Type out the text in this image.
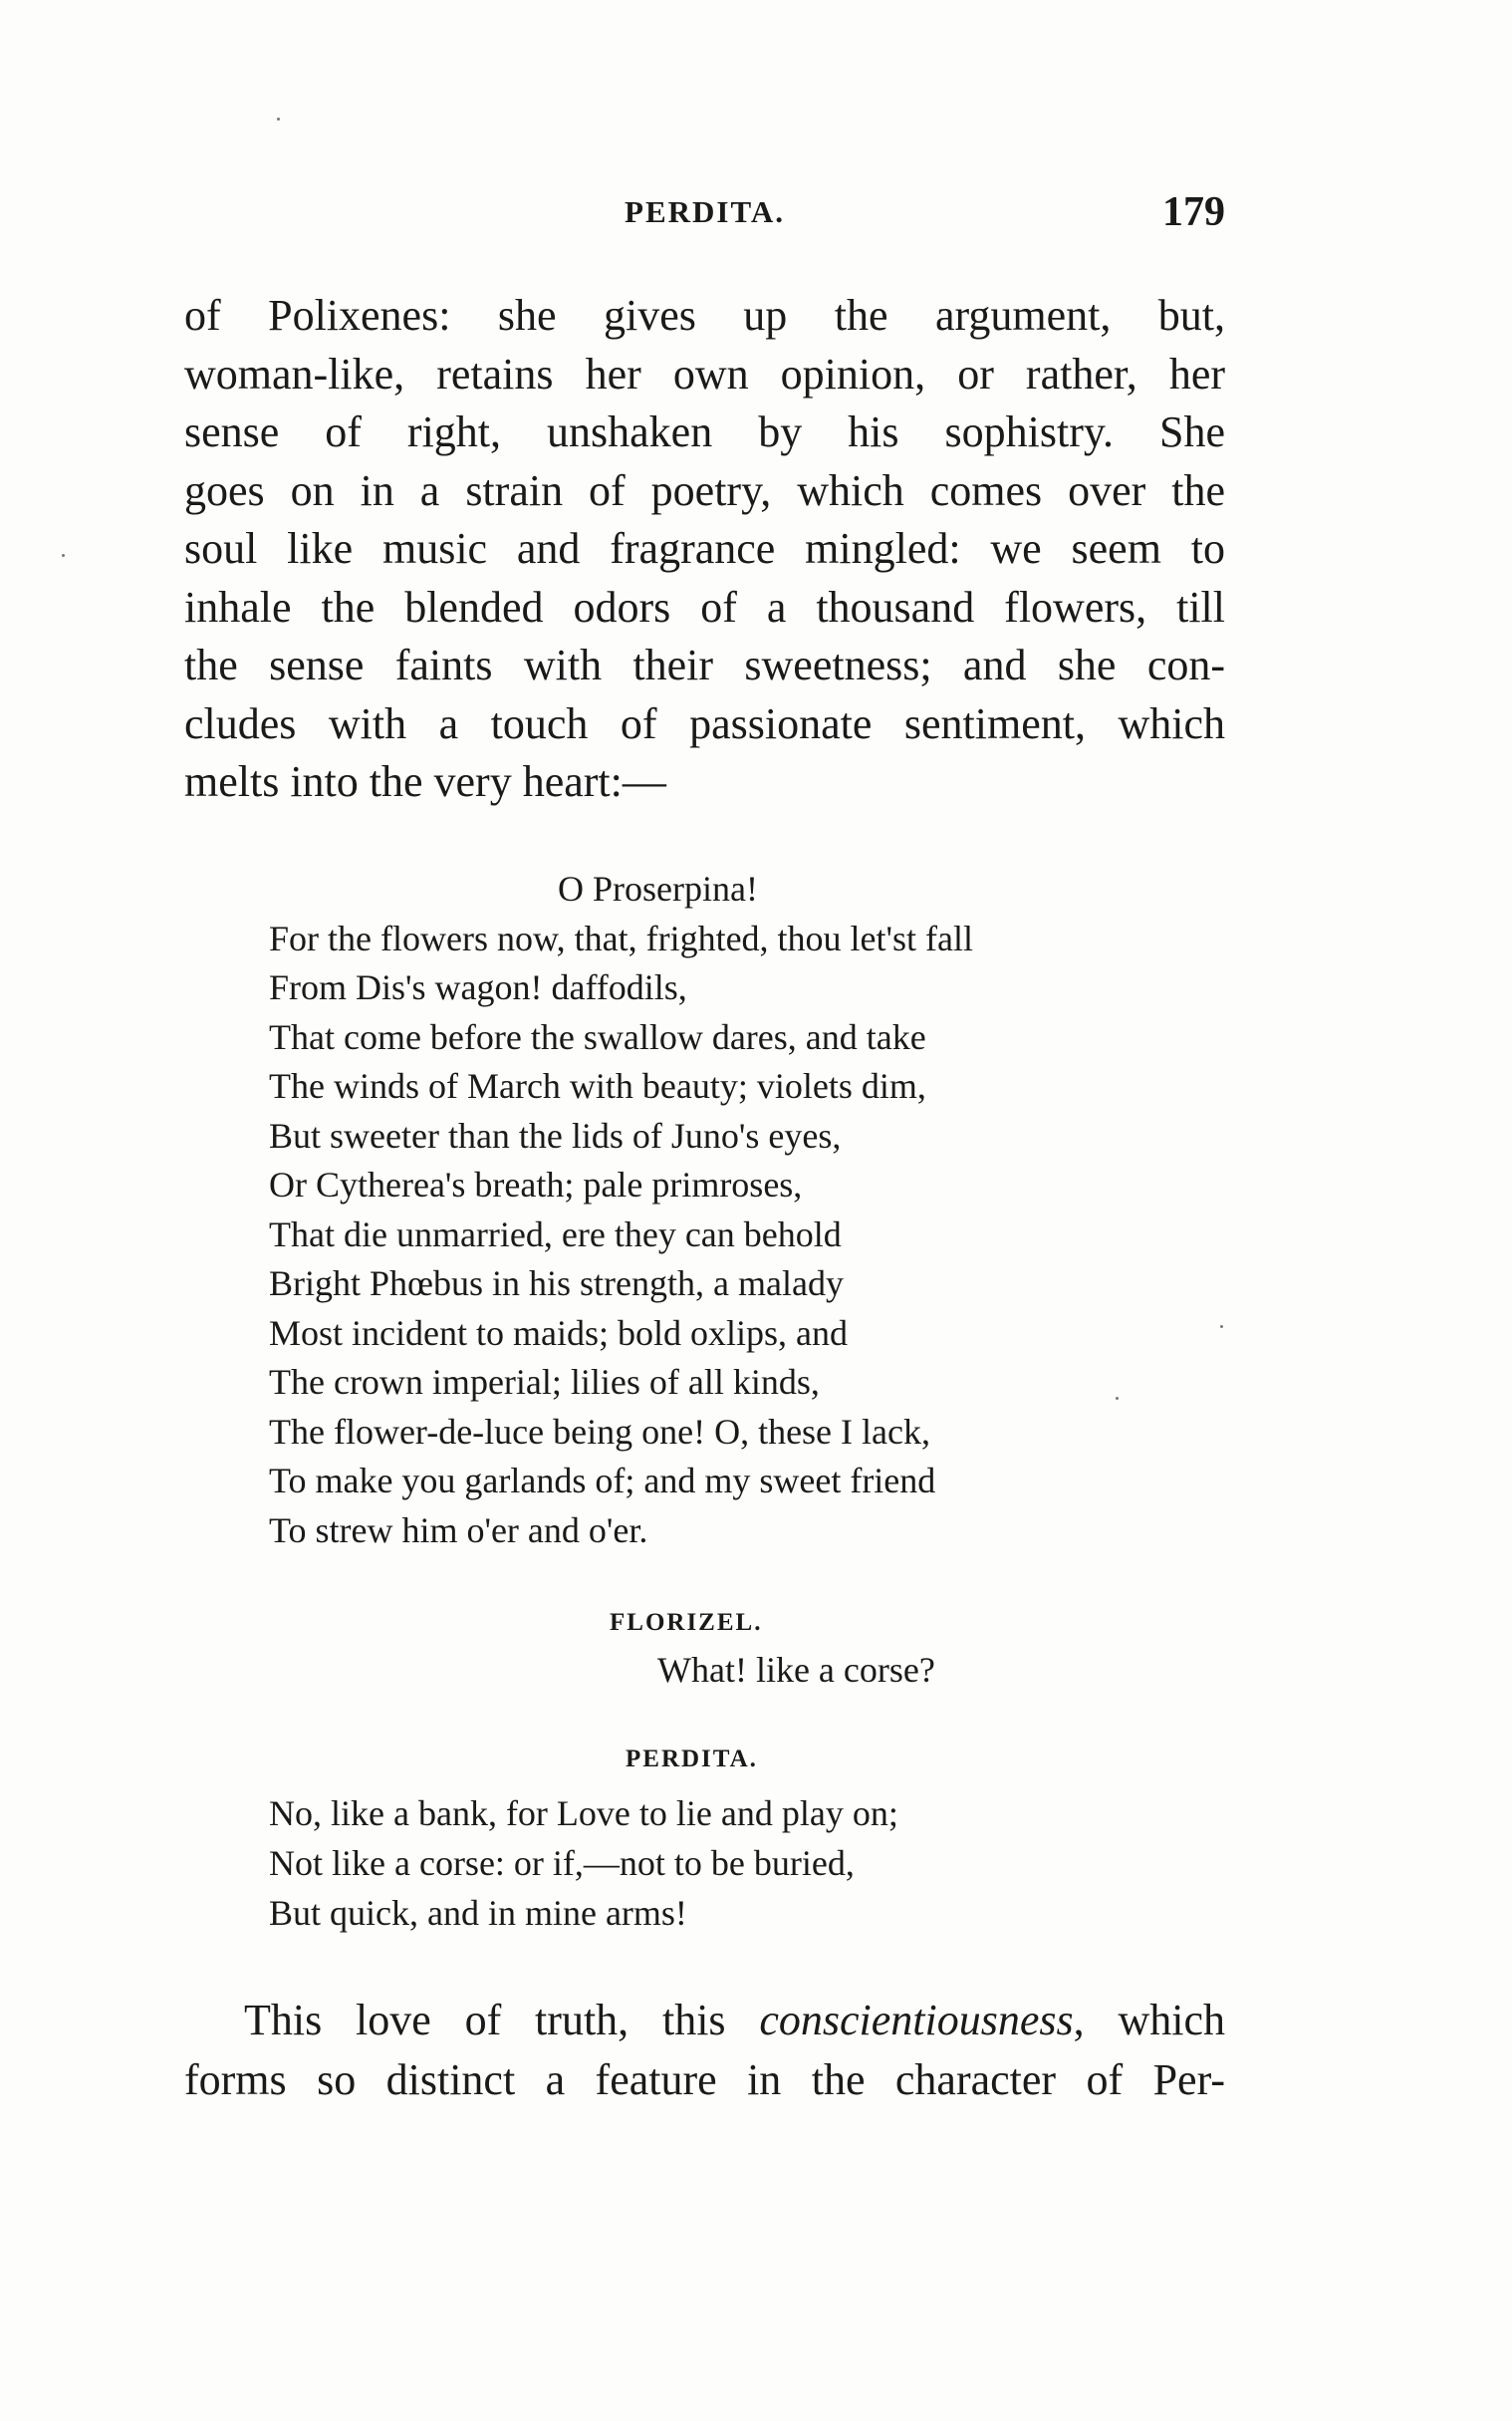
PERDITA.	179
of Polixenes: she gives up the argument, but,
woman-like, retains her own opinion, or rather, her
sense of right, unshaken by his sophistry. She
goes on in a strain of poetry, which comes over the
soul like music and fragrance mingled: we seem to
inhale the blended odors of a thousand flowers, till
the sense faints with their sweetness; and she con-
cludes with a touch of passionate sentiment, which
melts into the very heart:—
O Proserpina!
For the flowers now, that, frighted, thou let'st fall
From Dis's wagon! daffodils,
That come before the swallow dares, and take
The winds of March with beauty; violets dim,
But sweeter than the lids of Juno's eyes,
Or Cytherea's breath; pale primroses,
That die unmarried, ere they can behold
Bright Phœbus in his strength, a malady
Most incident to maids; bold oxlips, and
The crown imperial; lilies of all kinds,
The flower-de-luce being one! O, these I lack,
To make you garlands of; and my sweet friend
To strew him o'er and o'er.
FLORIZEL.
What! like a corse?
PERDITA.
No, like a bank, for Love to lie and play on;
Not like a corse: or if,—not to be buried,
But quick, and in mine arms!
This love of truth, this conscientiousness, which
forms so distinct a feature in the character of Per-
